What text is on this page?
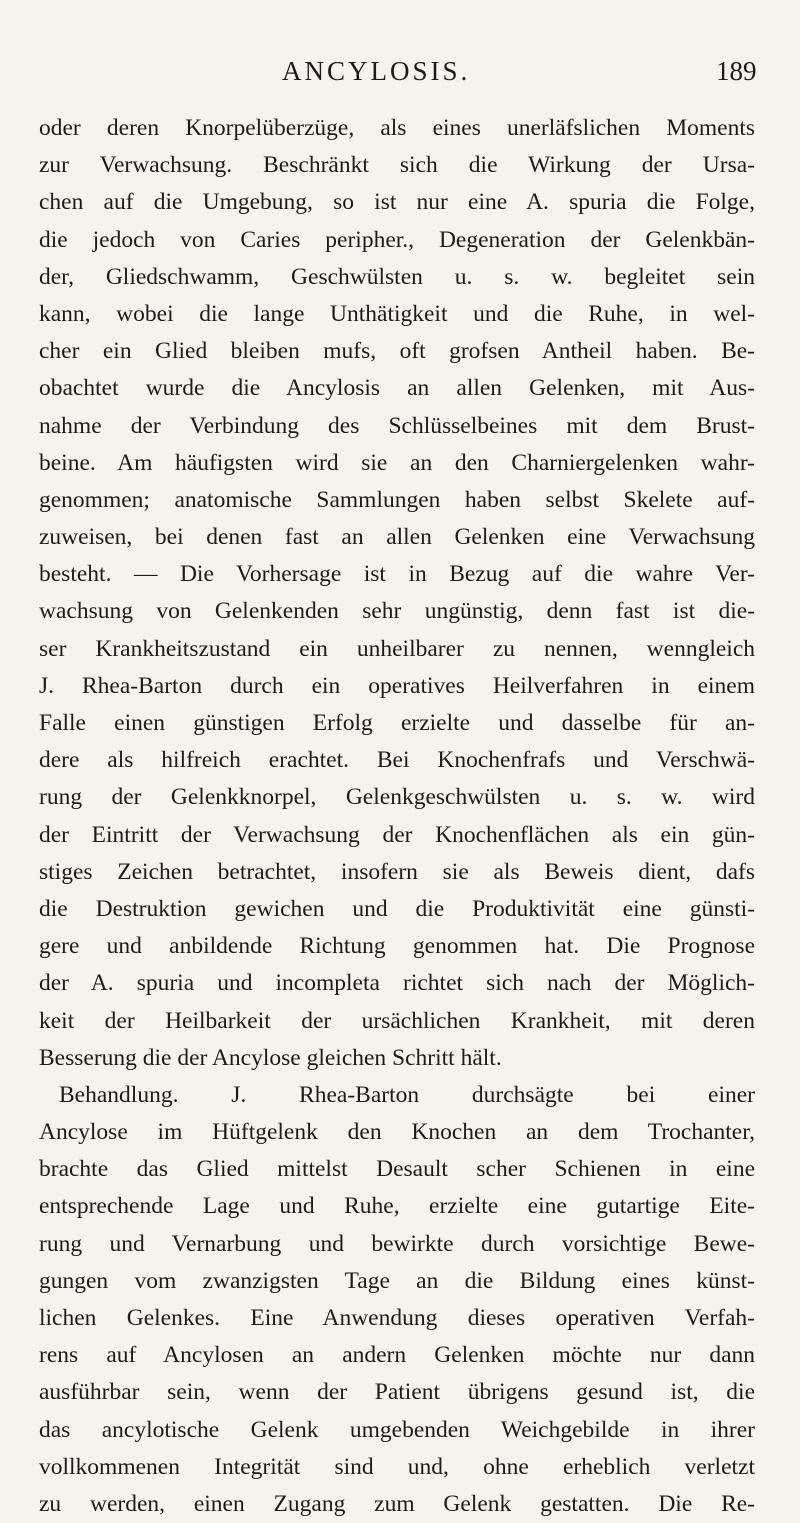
ANCYLOSIS.	189
oder deren Knorpelüberzüge, als eines unerläfslichen Moments
zur Verwachsung. Beschränkt sich die Wirkung der Ursa-
chen auf die Umgebung, so ist nur eine A. spuria die Folge,
die jedoch von Caries peripher., Degeneration der Gelenkbän-
der, Gliedschwamm, Geschwülsten u. s. w. begleitet sein
kann, wobei die lange Unthätigkeit und die Ruhe, in wel-
cher ein Glied bleiben mufs, oft grofsen Antheil haben. Be-
obachtet wurde die Ancylosis an allen Gelenken, mit Aus-
nahme der Verbindung des Schlüsselbeines mit dem Brust-
beine. Am häufigsten wird sie an den Charniergelenken wahr-
genommen; anatomische Sammlungen haben selbst Skelete auf-
zuweisen, bei denen fast an allen Gelenken eine Verwachsung
besteht. — Die Vorhersage ist in Bezug auf die wahre Ver-
wachsung von Gelenkenden sehr ungünstig, denn fast ist die-
ser Krankheitszustand ein unheilbarer zu nennen, wenngleich
J. Rhea-Barton durch ein operatives Heilverfahren in einem
Falle einen günstigen Erfolg erzielte und dasselbe für an-
dere als hilfreich erachtet. Bei Knochenfrafs und Verschwä-
rung der Gelenkknorpel, Gelenkgeschwülsten u. s. w. wird
der Eintritt der Verwachsung der Knochenflächen als ein gün-
stiges Zeichen betrachtet, insofern sie als Beweis dient, dafs
die Destruktion gewichen und die Produktivität eine günsti-
gere und anbildende Richtung genommen hat. Die Prognose
der A. spuria und incompleta richtet sich nach der Möglich-
keit der Heilbarkeit der ursächlichen Krankheit, mit deren
Besserung die der Ancylose gleichen Schritt hält.
Behandlung. J. Rhea-Barton durchsägte bei einer
Ancylose im Hüftgelenk den Knochen an dem Trochanter,
brachte das Glied mittelst Desault scher Schienen in eine
entsprechende Lage und Ruhe, erzielte eine gutartige Eite-
rung und Vernarbung und bewirkte durch vorsichtige Bewe-
gungen vom zwanzigsten Tage an die Bildung eines künst-
lichen Gelenkes. Eine Anwendung dieses operativen Verfah-
rens auf Ancylosen an andern Gelenken möchte nur dann
ausführbar sein, wenn der Patient übrigens gesund ist, die
das ancylotische Gelenk umgebenden Weichgebilde in ihrer
vollkommenen Integrität sind und, ohne erheblich verletzt
zu werden, einen Zugang zum Gelenk gestatten. Die Re-
